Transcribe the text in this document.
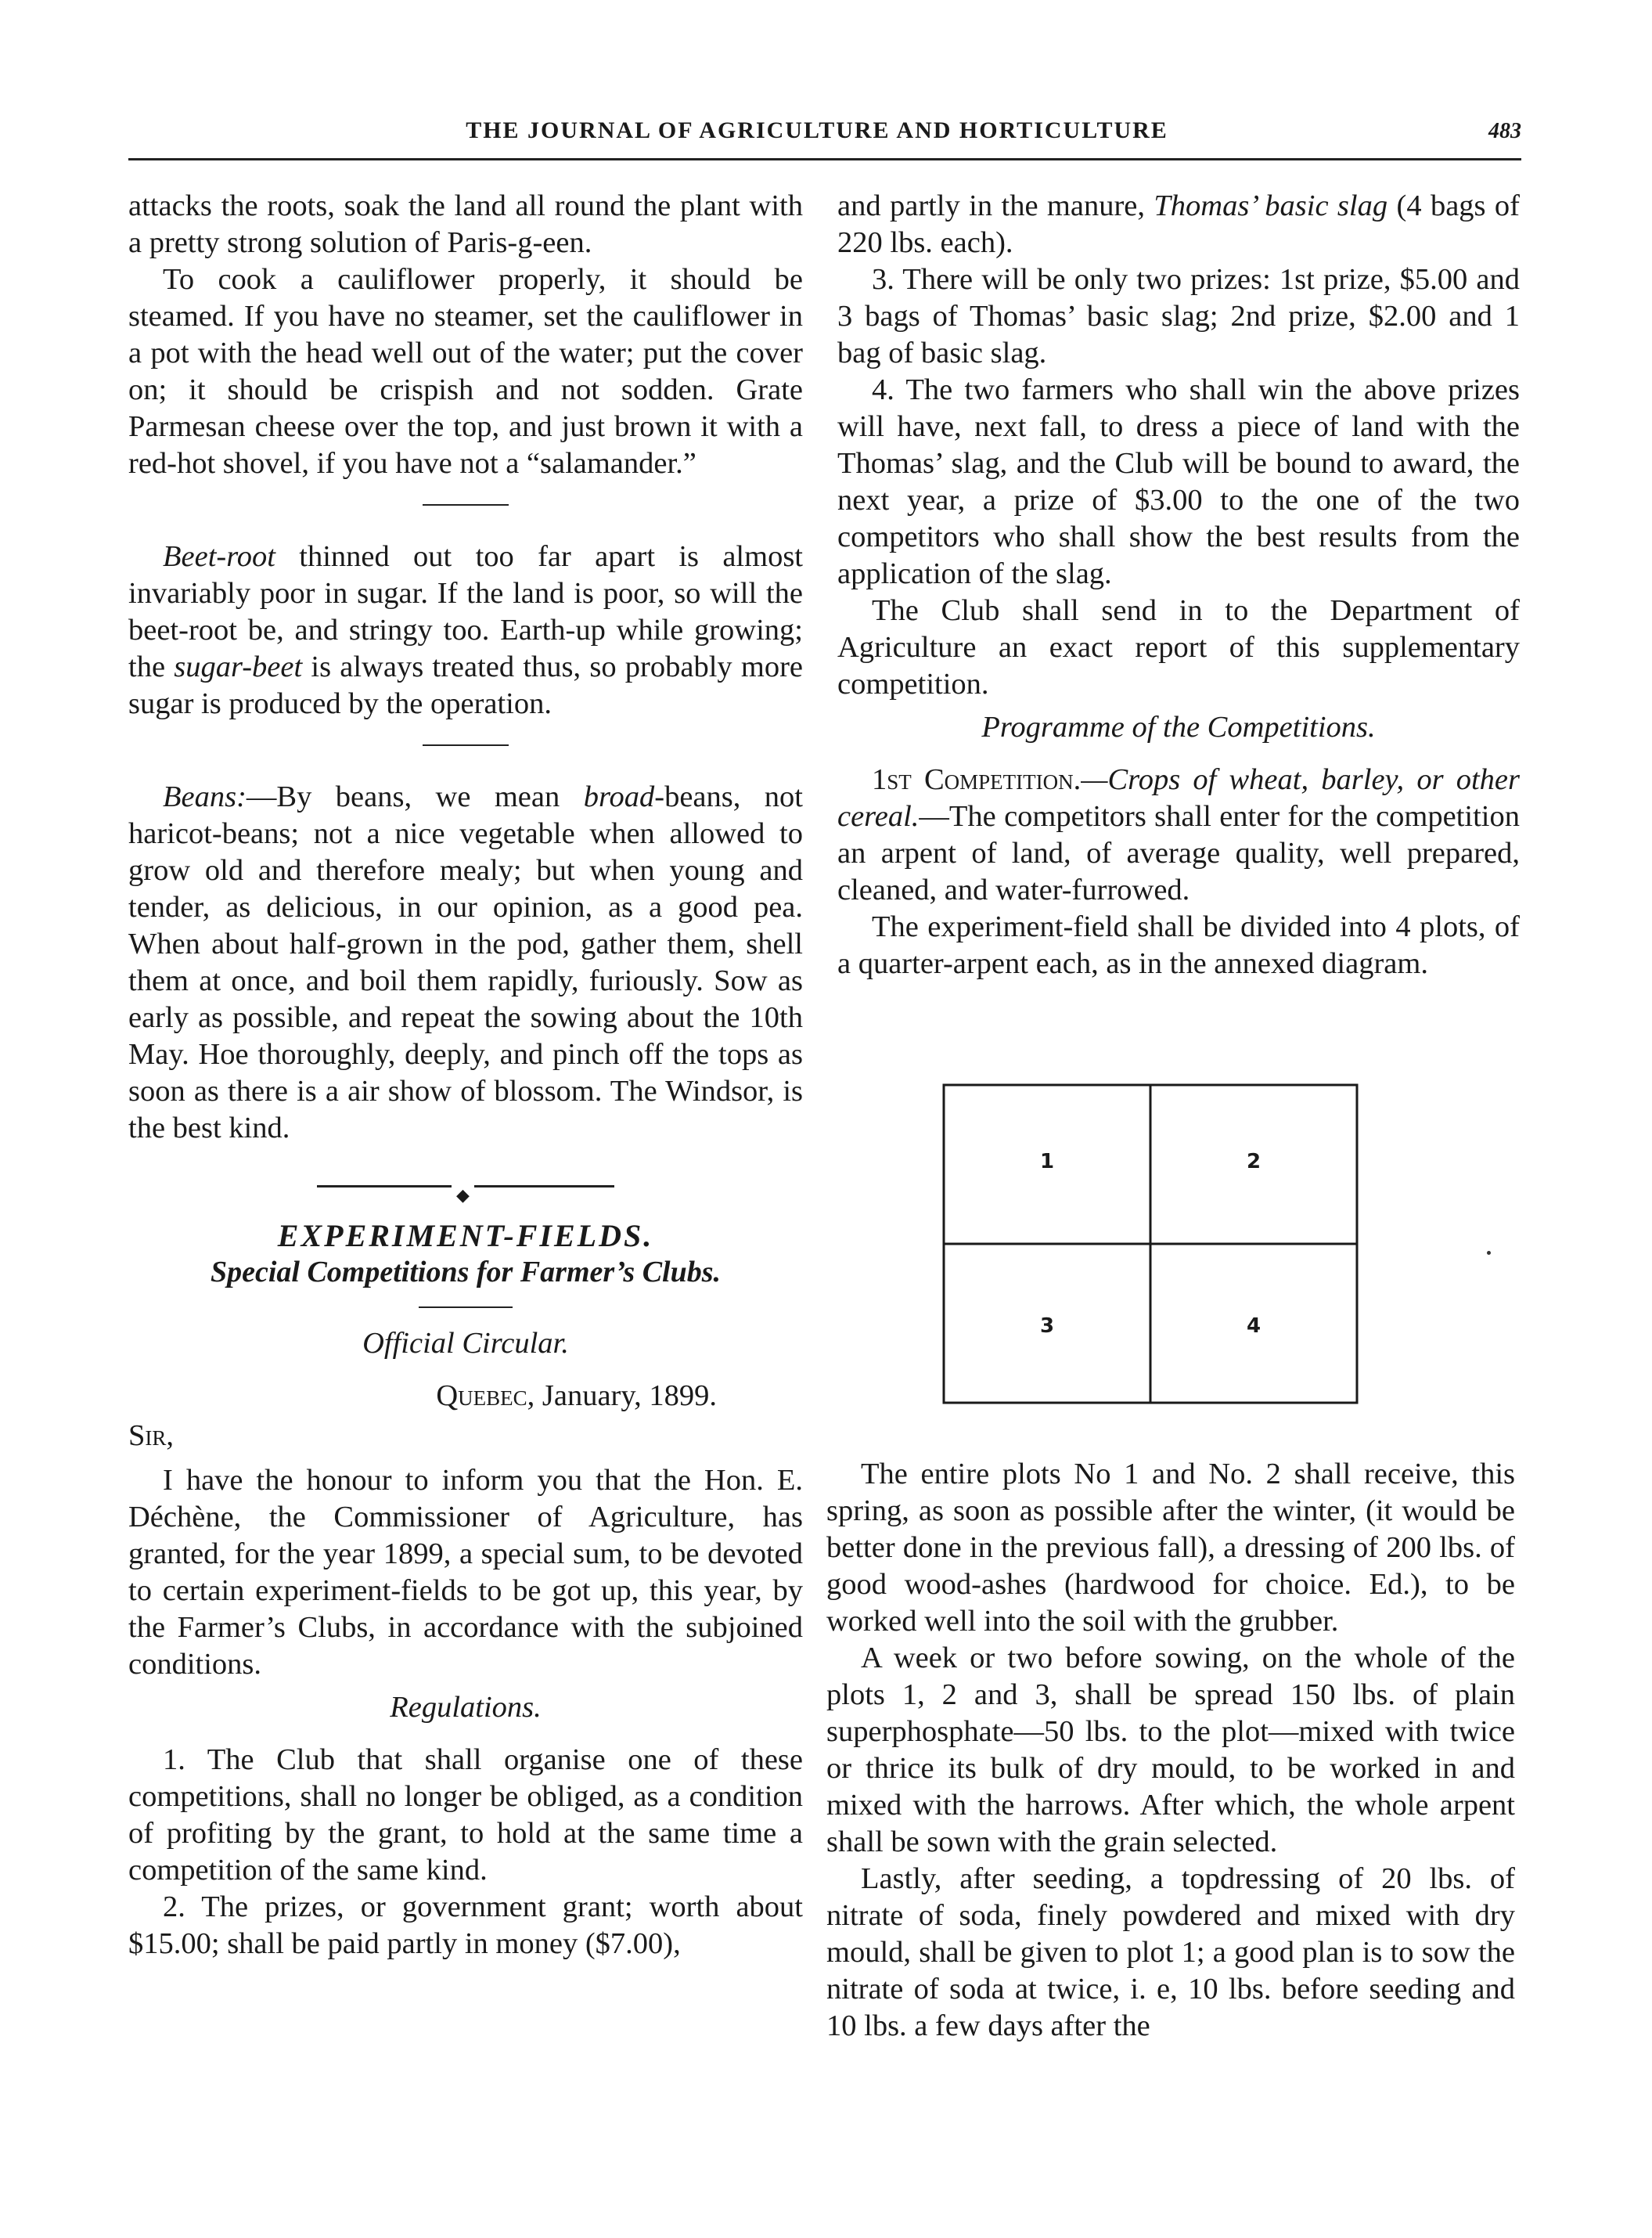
THE JOURNAL OF AGRICULTURE AND HORTICULTURE	483

attacks the roots, soak the land all round the plant with a pretty strong solution of Paris-g-een.

To cook a cauliflower properly, it should be steamed. If you have no steamer, set the cauliflower in a pot with the head well out of the water; put the cover on; it should be crispish and not sodden. Grate Parmesan cheese over the top, and just brown it with a red-hot shovel, if you have not a “salamander.”

Beet-root thinned out too far apart is almost invariably poor in sugar. If the land is poor, so will the beet-root be, and stringy too. Earth-up while growing; the sugar-beet is always treated thus, so probably more sugar is produced by the operation.

Beans:—By beans, we mean broad-beans, not haricot-beans; not a nice vegetable when allowed to grow old and therefore mealy; but when young and tender, as delicious, in our opinion, as a good pea. When about half-grown in the pod, gather them, shell them at once, and boil them rapidly, furiously. Sow as early as possible, and repeat the sowing about the 10th May. Hoe thoroughly, deeply, and pinch off the tops as soon as there is a air show of blossom. The Windsor, is the best kind.

◆

EXPERIMENT-FIELDS.

Special Competitions for Farmer’s Clubs.

Official Circular.

Quebec, January, 1899.

Sir,

I have the honour to inform you that the Hon. E. Déchène, the Commissioner of Agriculture, has granted, for the year 1899, a special sum, to be devoted to certain experiment-fields to be got up, this year, by the Farmer’s Clubs, in accordance with the subjoined conditions.

Regulations.

1. The Club that shall organise one of these competitions, shall no longer be obliged, as a condition of profiting by the grant, to hold at the same time a competition of the same kind.

2. The prizes, or government grant; worth about $15.00; shall be paid partly in money ($7.00),

and partly in the manure, Thomas’ basic slag (4 bags of 220 lbs. each).

3. There will be only two prizes: 1st prize, $5.00 and 3 bags of Thomas’ basic slag; 2nd prize, $2.00 and 1 bag of basic slag.

4. The two farmers who shall win the above prizes will have, next fall, to dress a piece of land with the Thomas’ slag, and the Club will be bound to award, the next year, a prize of $3.00 to the one of the two competitors who shall show the best results from the application of the slag.

The Club shall send in to the Department of Agriculture an exact report of this supplementary competition.

Programme of the Competitions.

1st Competition.—Crops of wheat, barley, or other cereal.—The competitors shall enter for the competition an arpent of land, of average quality, well prepared, cleaned, and water-furrowed.

The experiment-field shall be divided into 4 plots, of a quarter-arpent each, as in the annexed diagram.

1	2
3	4

The entire plots No 1 and No. 2 shall receive, this spring, as soon as possible after the winter, (it would be better done in the previous fall), a dressing of 200 lbs. of good wood-ashes (hardwood for choice. Ed.), to be worked well into the soil with the grubber.

A week or two before sowing, on the whole of the plots 1, 2 and 3, shall be spread 150 lbs. of plain superphosphate—50 lbs. to the plot—mixed with twice or thrice its bulk of dry mould, to be worked in and mixed with the harrows. After which, the whole arpent shall be sown with the grain selected.

Lastly, after seeding, a topdressing of 20 lbs. of nitrate of soda, finely powdered and mixed with dry mould, shall be given to plot 1; a good plan is to sow the nitrate of soda at twice, i. e, 10 lbs. before seeding and 10 lbs. a few days after the
